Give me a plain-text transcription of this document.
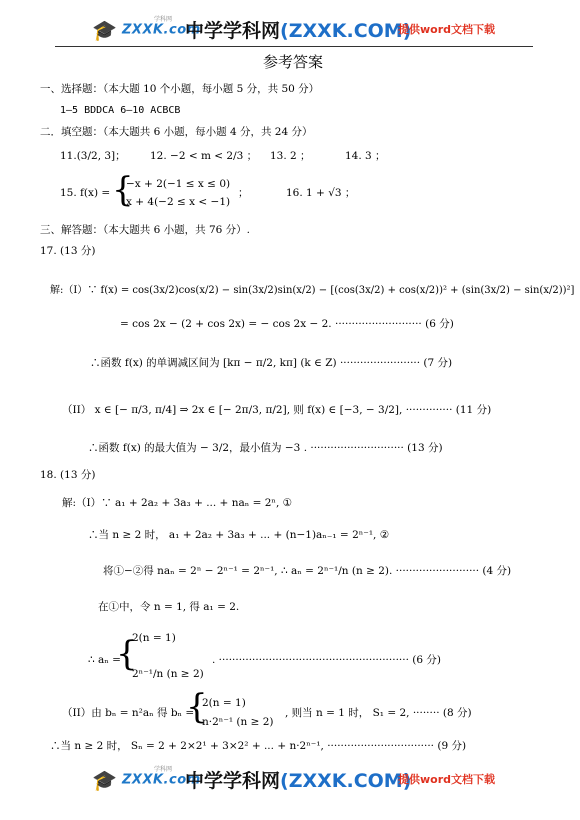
🎓 ZXXK.com
学科网
中学学科网(ZXXK.COM)
提供word文档下载
参考答案
一、选择题：（本大题 10 个小题，每小题 5 分，共 50 分）
1—5 BDDCA 6—10 ACBCB
二．填空题：（本大题共 6 小题，每小题 4 分，共 24 分）
11.(3/2, 3]； 12. −2 < m < 2/3 ； 13. 2 ；	14. 3 ；
15. f(x) = {
−x + 2(−1 ≤ x ≤ 0)
x + 4(−2 ≤ x < −1)
；	16. 1 + √3 ；
三、解答题：（本大题共 6 小题，共 76 分）.
17. (13 分)
解:（I）∵ f(x) = cos(3x/2)cos(x/2) − sin(3x/2)sin(x/2) − [(cos(3x/2) + cos(x/2))² + (sin(3x/2) − sin(x/2))²]
= cos 2x − (2 + cos 2x) = − cos 2x − 2. ·························· (6 分)
∴函数 f(x) 的单调减区间为 [kπ − π/2, kπ] (k ∈ Z) ························ (7 分)
（II） x ∈ [− π/3, π/4] ⇒ 2x ∈ [− 2π/3, π/2], 则 f(x) ∈ [−3, − 3/2], ·············· (11 分)
∴函数 f(x) 的最大值为 − 3/2，最小值为 −3 . ···························· (13 分)
18. (13 分)
解:（I）∵ a₁ + 2a₂ + 3a₃ + ... + naₙ = 2ⁿ, ①
∴当 n ≥ 2 时， a₁ + 2a₂ + 3a₃ + ... + (n−1)aₙ₋₁ = 2ⁿ⁻¹, ②
将①−②得 naₙ = 2ⁿ − 2ⁿ⁻¹ = 2ⁿ⁻¹, ∴ aₙ = 2ⁿ⁻¹/n (n ≥ 2). ························· (4 分)
在①中，令 n = 1, 得 a₁ = 2.
∴ aₙ =
{
2(n = 1)
2ⁿ⁻¹/n (n ≥ 2)
. ························································· (6 分)
（II）由 bₙ = n²aₙ 得 bₙ =
{
2(n = 1)
n·2ⁿ⁻¹ (n ≥ 2)
, 则当 n = 1 时， S₁ = 2, ········ (8 分)
∴当 n ≥ 2 时， Sₙ = 2 + 2×2¹ + 3×2² + ... + n·2ⁿ⁻¹, ································ (9 分)
🎓 ZXXK.com
学科网
中学学科网(ZXXK.COM)
提供word文档下载
